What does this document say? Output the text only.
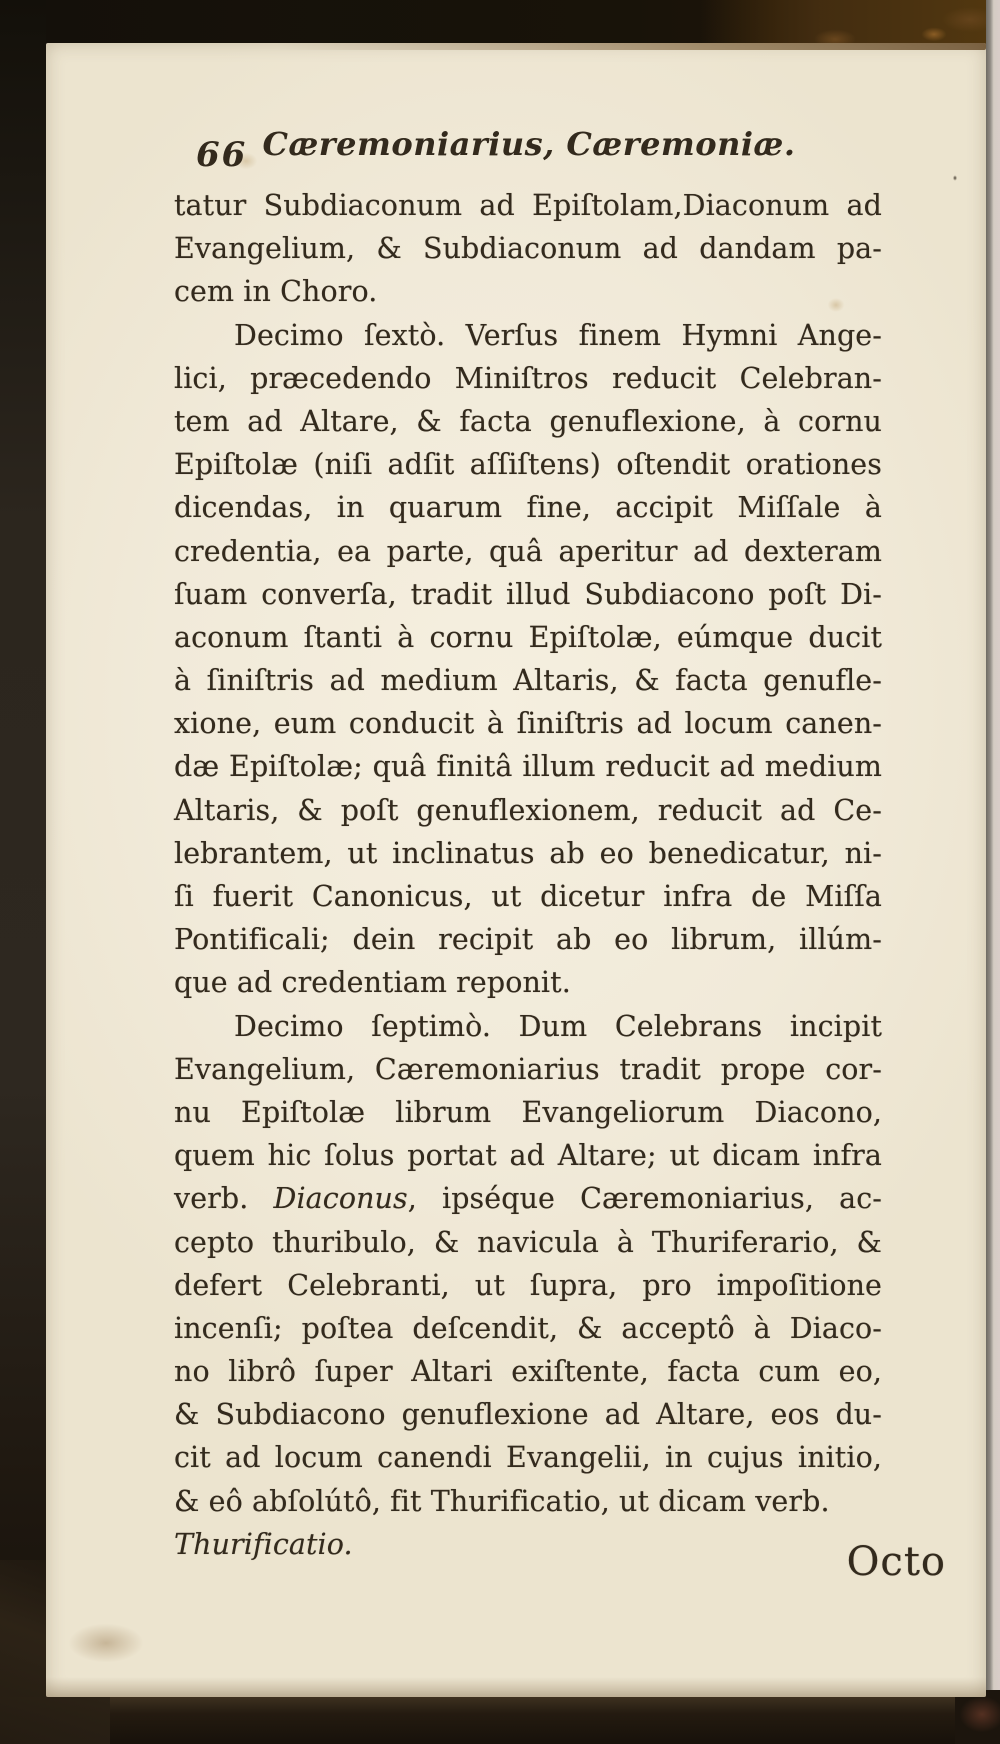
66 Cæremoniarius, Cæremoniæ.
tatur Subdiaconum ad Epiſtolam,Diaconum ad
Evangelium, & Subdiaconum ad dandam pa-
cem in Choro.
Decimo ſextò. Verſus finem Hymni Ange-
lici, præcedendo Miniſtros reducit Celebran-
tem ad Altare, & facta genuflexione, à cornu
Epiſtolæ (niſi adſit aſſiſtens) oſtendit orationes
dicendas, in quarum fine, accipit Miſſale à
credentia, ea parte, quâ aperitur ad dexteram
ſuam converſa, tradit illud Subdiacono poſt Di-
aconum ſtanti à cornu Epiſtolæ, eúmque ducit
à ſiniſtris ad medium Altaris, & facta genufle-
xione, eum conducit à ſiniſtris ad locum canen-
dæ Epiſtolæ; quâ finitâ illum reducit ad medium
Altaris, & poſt genuflexionem, reducit ad Ce-
lebrantem, ut inclinatus ab eo benedicatur, ni-
ſi fuerit Canonicus, ut dicetur infra de Miſſa
Pontificali; dein recipit ab eo librum, illúm-
que ad credentiam reponit.
Decimo ſeptimò. Dum Celebrans incipit
Evangelium, Cæremoniarius tradit prope cor-
nu Epiſtolæ librum Evangeliorum Diacono,
quem hic ſolus portat ad Altare; ut dicam infra
verb. Diaconus, ipséque Cæremoniarius, ac-
cepto thuribulo, & navicula à Thuriferario, &
defert Celebranti, ut ſupra, pro impoſitione
incenſi; poſtea deſcendit, & acceptô à Diaco-
no librô ſuper Altari exiſtente, facta cum eo,
& Subdiacono genuflexione ad Altare, eos du-
cit ad locum canendi Evangelii, in cujus initio,
& eô abſolútô, fit Thurificatio, ut dicam verb.
Thurificatio.	Octo
